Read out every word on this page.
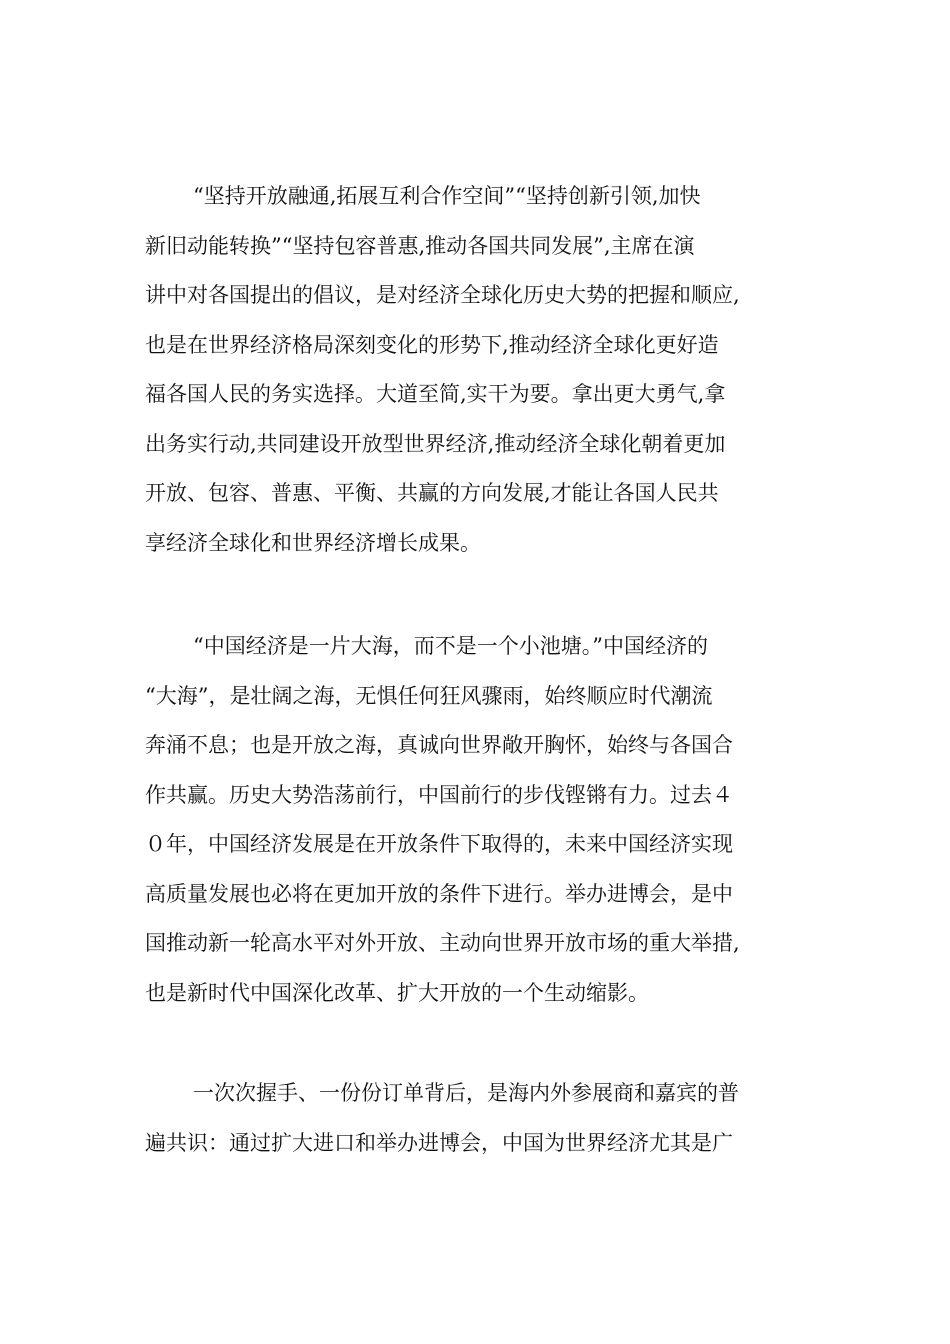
“坚持开放融通,拓展互利合作空间”“坚持创新引领,加快
新旧动能转换”“坚持包容普惠,推动各国共同发展”,主席在演
讲中对各国提出的倡议，是对经济全球化历史大势的把握和顺应,
也是在世界经济格局深刻变化的形势下,推动经济全球化更好造
福各国人民的务实选择。大道至简,实干为要。拿出更大勇气,拿
出务实行动,共同建设开放型世界经济,推动经济全球化朝着更加
开放、包容、普惠、平衡、共赢的方向发展,才能让各国人民共
享经济全球化和世界经济增长成果。
“中国经济是一片大海，而不是一个小池塘。”中国经济的
“大海”，是壮阔之海，无惧任何狂风骤雨，始终顺应时代潮流
奔涌不息；也是开放之海，真诚向世界敞开胸怀，始终与各国合
作共赢。历史大势浩荡前行，中国前行的步伐铿锵有力。过去４
０年，中国经济发展是在开放条件下取得的，未来中国经济实现
高质量发展也必将在更加开放的条件下进行。举办进博会，是中
国推动新一轮高水平对外开放、主动向世界开放市场的重大举措,
也是新时代中国深化改革、扩大开放的一个生动缩影。
一次次握手、一份份订单背后，是海内外参展商和嘉宾的普
遍共识：通过扩大进口和举办进博会，中国为世界经济尤其是广
